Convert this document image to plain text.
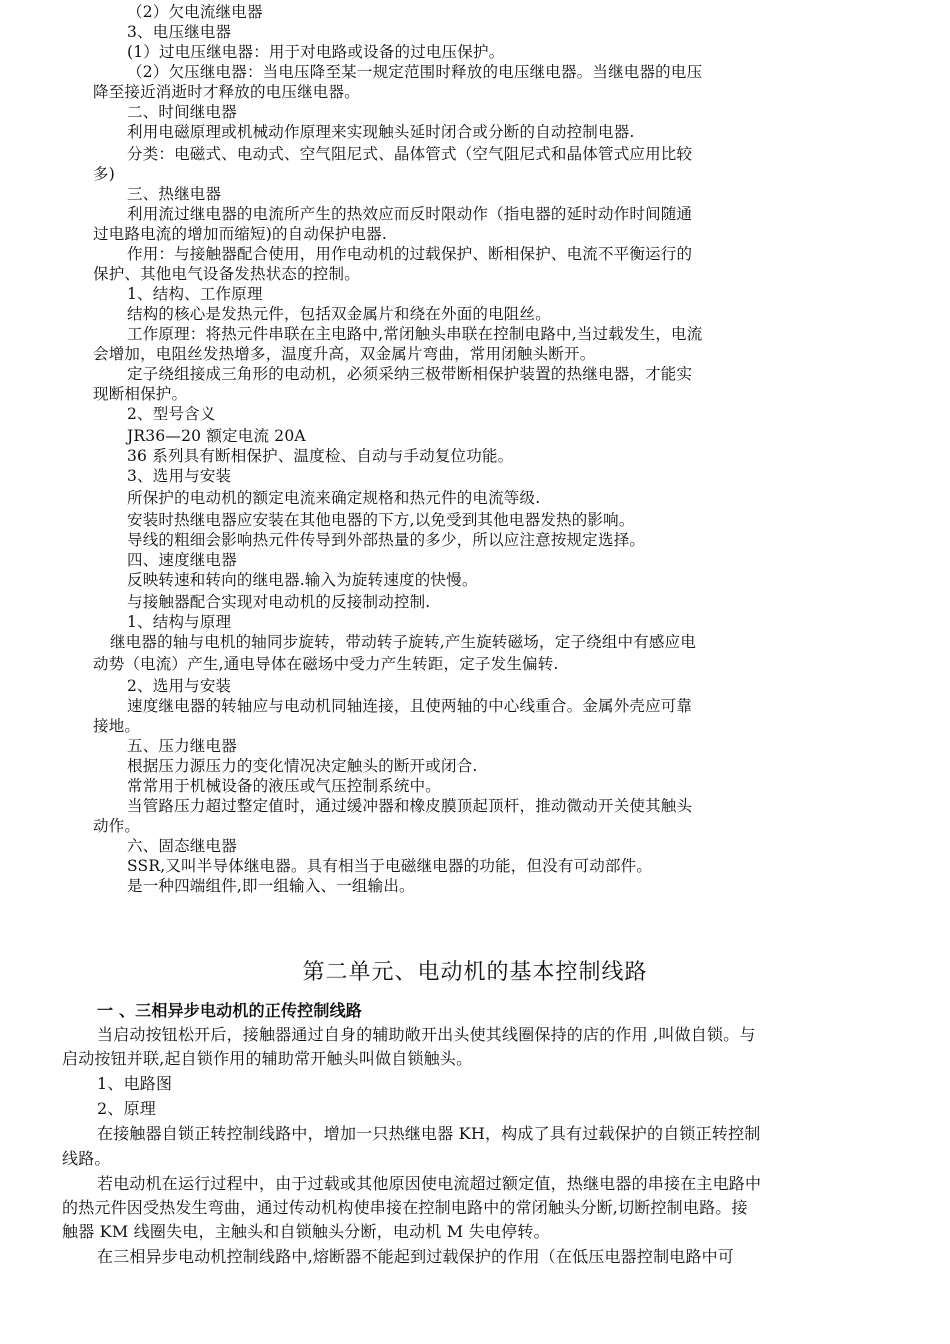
（2）欠电流继电器
3、电压继电器
(1）过电压继电器：用于对电路或设备的过电压保护。
（2）欠压继电器：当电压降至某一规定范围时释放的电压继电器。当继电器的电压
降至接近消逝时才释放的电压继电器。
二、时间继电器
利用电磁原理或机械动作原理来实现触头延时闭合或分断的自动控制电器.
分类：电磁式、电动式、空气阻尼式、晶体管式（空气阻尼式和晶体管式应用比较
多)
三、热继电器
利用流过继电器的电流所产生的热效应而反时限动作（指电器的延时动作时间随通
过电路电流的增加而缩短)的自动保护电器.
作用：与接触器配合使用，用作电动机的过载保护、断相保护、电流不平衡运行的
保护、其他电气设备发热状态的控制。
1、结构、工作原理
结构的核心是发热元件，包括双金属片和绕在外面的电阻丝。
工作原理：将热元件串联在主电路中,常闭触头串联在控制电路中,当过载发生，电流
会增加，电阻丝发热增多，温度升高，双金属片弯曲，常用闭触头断开。
定子绕组接成三角形的电动机，必须采纳三极带断相保护装置的热继电器，才能实
现断相保护。
2、型号含义
JR36—20 额定电流 20A
36 系列具有断相保护、温度检、自动与手动复位功能。
3、选用与安装
所保护的电动机的额定电流来确定规格和热元件的电流等级.
安装时热继电器应安装在其他电器的下方,以免受到其他电器发热的影响。
导线的粗细会影响热元件传导到外部热量的多少，所以应注意按规定选择。
四、速度继电器
反映转速和转向的继电器.输入为旋转速度的快慢。
与接触器配合实现对电动机的反接制动控制.
1、结构与原理
继电器的轴与电机的轴同步旋转，带动转子旋转,产生旋转磁场，定子绕组中有感应电
动势（电流）产生,通电导体在磁场中受力产生转距，定子发生偏转.
2、选用与安装
速度继电器的转轴应与电动机同轴连接，且使两轴的中心线重合。金属外壳应可靠
接地。
五、压力继电器
根据压力源压力的变化情况决定触头的断开或闭合.
常常用于机械设备的液压或气压控制系统中。
当管路压力超过整定值时，通过缓冲器和橡皮膜顶起顶杆，推动微动开关使其触头
动作。
六、固态继电器
SSR,又叫半导体继电器。具有相当于电磁继电器的功能，但没有可动部件。
是一种四端组件,即一组输入、一组输出。
第二单元、电动机的基本控制线路
一 、三相异步电动机的正传控制线路
当启动按钮松开后，接触器通过自身的辅助敞开出头使其线圈保持的店的作用 ,叫做自锁。与
启动按钮并联,起自锁作用的辅助常开触头叫做自锁触头。
1、电路图
2、原理
在接触器自锁正转控制线路中，增加一只热继电器 KH，构成了具有过载保护的自锁正转控制
线路。
若电动机在运行过程中，由于过载或其他原因使电流超过额定值，热继电器的串接在主电路中
的热元件因受热发生弯曲，通过传动机构使串接在控制电路中的常闭触头分断,切断控制电路。接
触器 KM 线圈失电，主触头和自锁触头分断，电动机 M 失电停转。
在三相异步电动机控制线路中,熔断器不能起到过载保护的作用（在低压电器控制电路中可
